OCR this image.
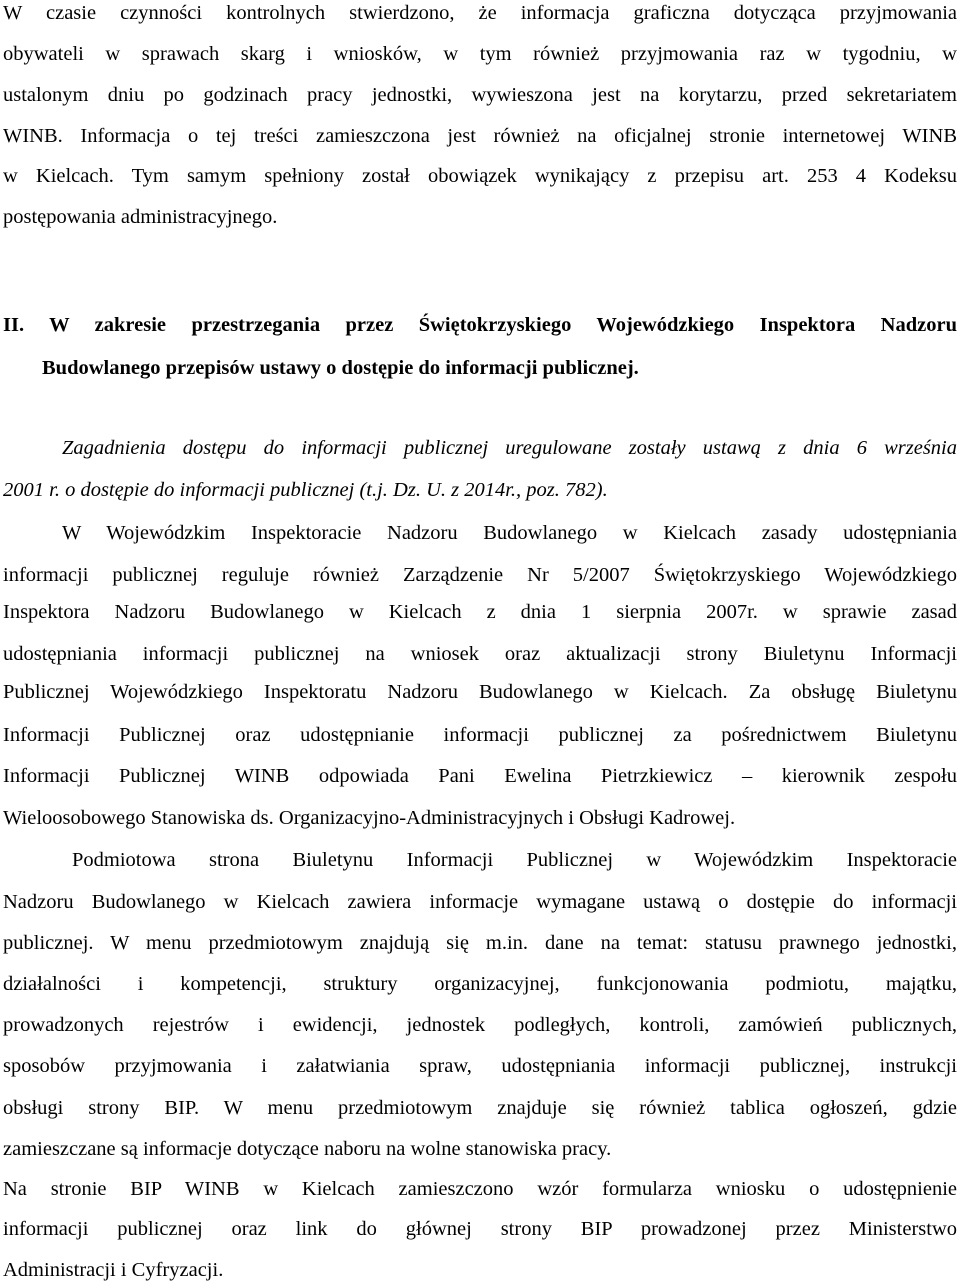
W czasie czynności kontrolnych stwierdzono, że informacja graficzna dotycząca przyjmowania
obywateli w sprawach skarg i wniosków, w tym również przyjmowania raz w tygodniu, w
ustalonym dniu po godzinach pracy jednostki, wywieszona jest na korytarzu, przed sekretariatem
WINB. Informacja o tej treści zamieszczona jest również na oficjalnej stronie internetowej WINB
w Kielcach. Tym samym spełniony został obowiązek wynikający z przepisu art. 253 4 Kodeksu
postępowania administracyjnego.
II. W zakresie przestrzegania przez Świętokrzyskiego Wojewódzkiego Inspektora Nadzoru
Budowlanego przepisów ustawy o dostępie do informacji publicznej.
Zagadnienia dostępu do informacji publicznej uregulowane zostały ustawą z dnia 6 września
2001 r. o dostępie do informacji publicznej (t.j. Dz. U. z 2014r., poz. 782).
W Wojewódzkim Inspektoracie Nadzoru Budowlanego w Kielcach zasady udostępniania
informacji publicznej reguluje również Zarządzenie Nr 5/2007 Świętokrzyskiego Wojewódzkiego
Inspektora Nadzoru Budowlanego w Kielcach z dnia 1 sierpnia 2007r. w sprawie zasad
udostępniania informacji publicznej na wniosek oraz aktualizacji strony Biuletynu Informacji
Publicznej Wojewódzkiego Inspektoratu Nadzoru Budowlanego w Kielcach. Za obsługę Biuletynu
Informacji Publicznej oraz udostępnianie informacji publicznej za pośrednictwem Biuletynu
Informacji Publicznej WINB odpowiada Pani Ewelina Pietrzkiewicz – kierownik zespołu
Wieloosobowego Stanowiska ds. Organizacyjno-Administracyjnych i Obsługi Kadrowej.
Podmiotowa strona Biuletynu Informacji Publicznej w Wojewódzkim Inspektoracie
Nadzoru Budowlanego w Kielcach zawiera informacje wymagane ustawą o dostępie do informacji
publicznej. W menu przedmiotowym znajdują się m.in. dane na temat: statusu prawnego jednostki,
działalności i kompetencji, struktury organizacyjnej, funkcjonowania podmiotu, majątku,
prowadzonych rejestrów i ewidencji, jednostek podległych, kontroli, zamówień publicznych,
sposobów przyjmowania i załatwiania spraw, udostępniania informacji publicznej, instrukcji
obsługi strony BIP. W menu przedmiotowym znajduje się również tablica ogłoszeń, gdzie
zamieszczane są informacje dotyczące naboru na wolne stanowiska pracy.
Na stronie BIP WINB w Kielcach zamieszczono wzór formularza wniosku o udostępnienie
informacji publicznej oraz link do głównej strony BIP prowadzonej przez Ministerstwo
Administracji i Cyfryzacji.
